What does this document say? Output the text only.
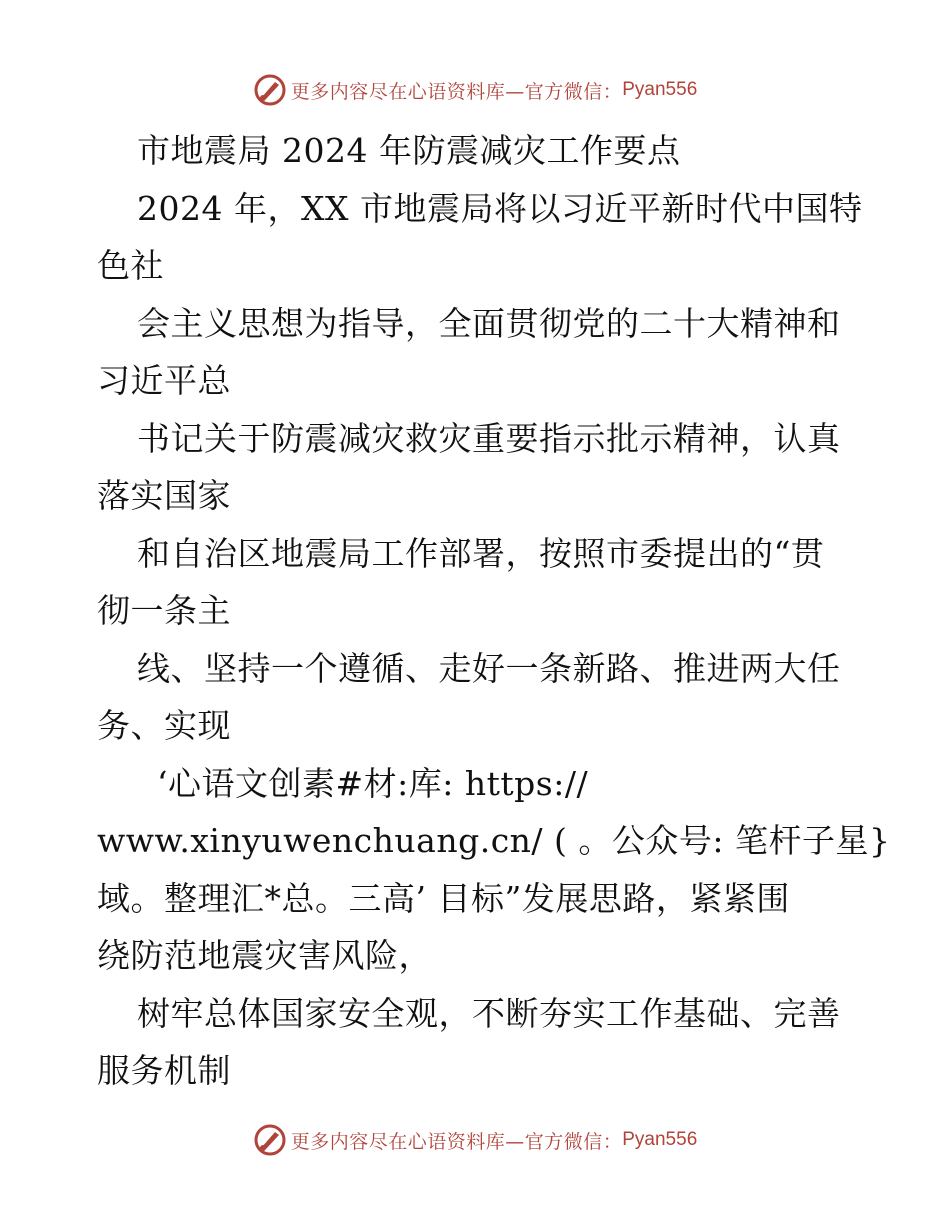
更多内容尽在心语资料库—官方微信： Pyan556
市地震局 2024 年防震减灾工作要点
2024 年，XX 市地震局将以习近平新时代中国特
色社
会主义思想为指导，全面贯彻党的二十大精神和
习近平总
书记关于防震减灾救灾重要指示批示精神，认真
落实国家
和自治区地震局工作部署，按照市委提出的“贯
彻一条主
线、坚持一个遵循、走好一条新路、推进两大任
务、实现
‘心语文创素#材:库: https://
www.xinyuwenchuang.cn/ ( 。公众号: 笔杆子星}
域。整理汇*总。三高’ 目标”发展思路，紧紧围
绕防范地震灾害风险，
树牢总体国家安全观，不断夯实工作基础、完善
服务机制
更多内容尽在心语资料库—官方微信： Pyan556
